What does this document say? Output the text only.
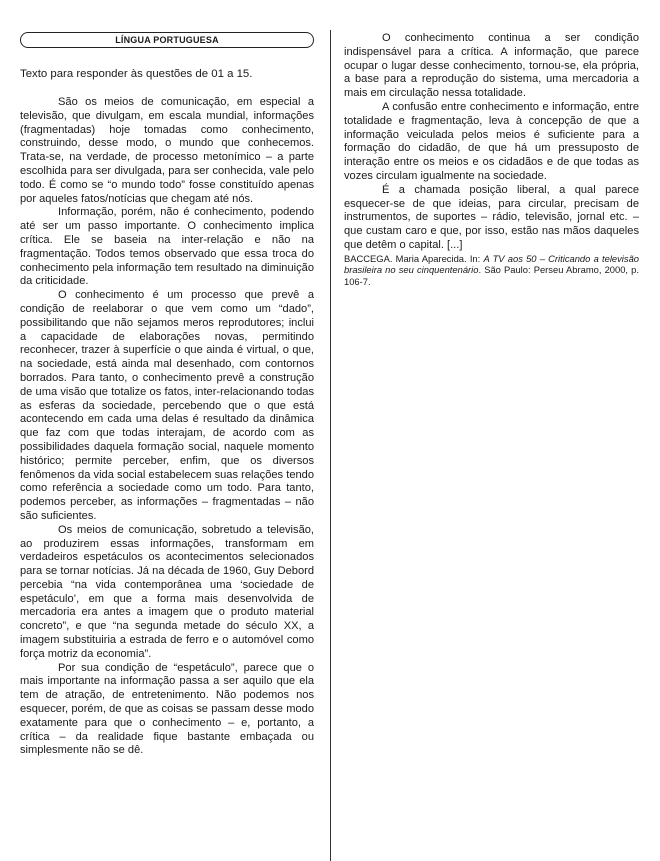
LÍNGUA PORTUGUESA
Texto para responder às questões de 01 a 15.

São os meios de comunicação, em especial a televisão, que divulgam, em escala mundial, informações (fragmentadas) hoje tomadas como conhecimento, construindo, desse modo, o mundo que conhecemos. Trata-se, na verdade, de processo metonímico – a parte escolhida para ser divulgada, para ser conhecida, vale pelo todo. É como se “o mundo todo” fosse constituído apenas por aqueles fatos/notícias que chegam até nós.

Informação, porém, não é conhecimento, podendo até ser um passo importante. O conhecimento implica crítica. Ele se baseia na inter-relação e não na fragmentação. Todos temos observado que essa troca do conhecimento pela informação tem resultado na diminuição da criticidade.

O conhecimento é um processo que prevê a condição de reelaborar o que vem como um “dado”, possibilitando que não sejamos meros reprodutores; inclui a capacidade de elaborações novas, permitindo reconhecer, trazer à superfície o que ainda é virtual, o que, na sociedade, está ainda mal desenhado, com contornos borrados. Para tanto, o conhecimento prevê a construção de uma visão que totalize os fatos, inter-relacionando todas as esferas da sociedade, percebendo que o que está acontecendo em cada uma delas é resultado da dinâmica que faz com que todas interajam, de acordo com as possibilidades daquela formação social, naquele momento histórico; permite perceber, enfim, que os diversos fenômenos da vida social estabelecem suas relações tendo como referência a sociedade como um todo. Para tanto, podemos perceber, as informações – fragmentadas – não são suficientes.

Os meios de comunicação, sobretudo a televisão, ao produzirem essas informações, transformam em verdadeiros espetáculos os acontecimentos selecionados para se tornar notícias. Já na década de 1960, Guy Debord percebia “na vida contemporânea uma ‘sociedade de espetáculo’, em que a forma mais desenvolvida de mercadoria era antes a imagem que o produto material concreto”, e que “na segunda metade do século XX, a imagem substituiria a estrada de ferro e o automóvel como força motriz da economia”.

Por sua condição de “espetáculo”, parece que o mais importante na informação passa a ser aquilo que ela tem de atração, de entretenimento. Não podemos nos esquecer, porém, de que as coisas se passam desse modo exatamente para que o conhecimento – e, portanto, a crítica – da realidade fique bastante embaçada ou simplesmente não se dê.

O conhecimento continua a ser condição indispensável para a crítica. A informação, que parece ocupar o lugar desse conhecimento, tornou-se, ela própria, a base para a reprodução do sistema, uma mercadoria a mais em circulação nessa totalidade.

A confusão entre conhecimento e informação, entre totalidade e fragmentação, leva à concepção de que a informação veiculada pelos meios é suficiente para a formação do cidadão, de que há um pressuposto de interação entre os meios e os cidadãos e de que todas as vozes circulam igualmente na sociedade.

É a chamada posição liberal, a qual parece esquecer-se de que ideias, para circular, precisam de instrumentos, de suportes – rádio, televisão, jornal etc. – que custam caro e que, por isso, estão nas mãos daqueles que detêm o capital. [...]

BACCEGA. Maria Aparecida. In: A TV aos 50 – Criticando a televisão brasileira no seu cinquentenário. São Paulo: Perseu Abramo, 2000, p. 106-7.
